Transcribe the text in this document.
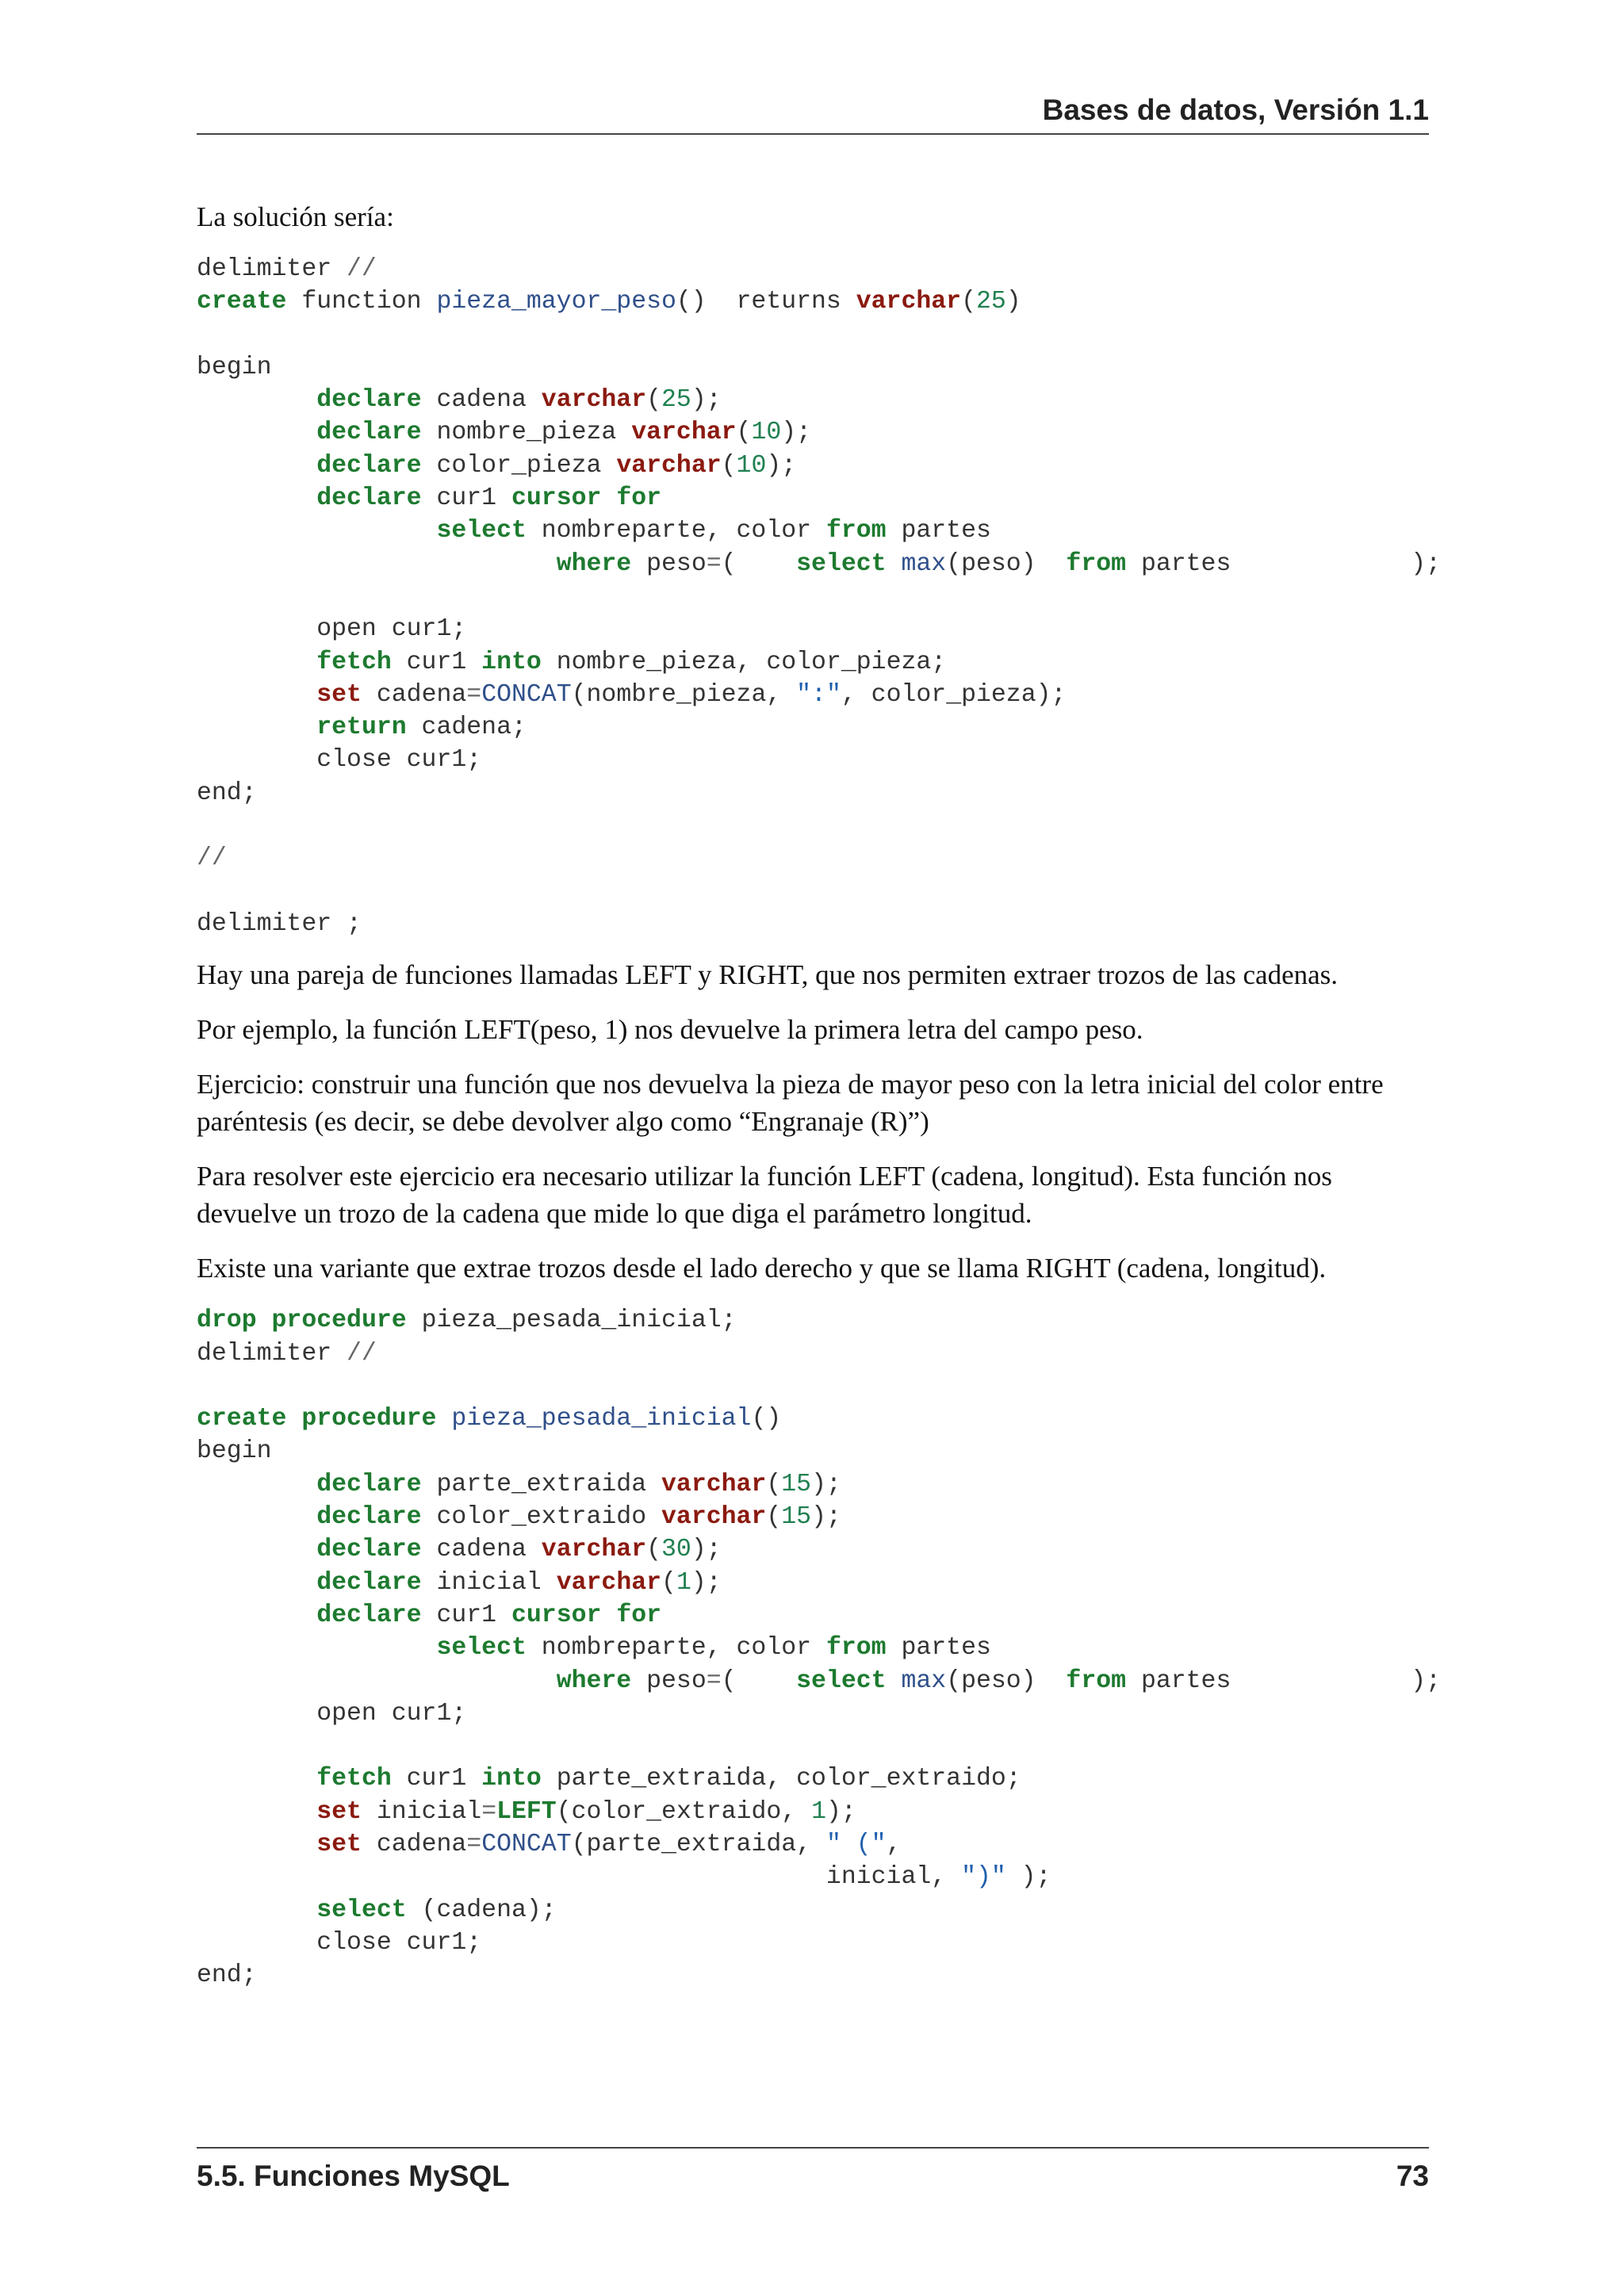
Bases de datos, Versión 1.1

La solución sería:

delimiter //
create function pieza_mayor_peso()  returns varchar(25)

begin
declare cadena varchar(25);
declare nombre_pieza varchar(10);
declare color_pieza varchar(10);
declare cur1 cursor for
select nombreparte, color from partes
where peso=(    select max(peso)  from partes            );

open cur1;
fetch cur1 into nombre_pieza, color_pieza;
set cadena=CONCAT(nombre_pieza, ":", color_pieza);
return cadena;
close cur1;
end;

//

delimiter ;

Hay una pareja de funciones llamadas LEFT y RIGHT, que nos permiten extraer trozos de las cadenas.

Por ejemplo, la función LEFT(peso, 1) nos devuelve la primera letra del campo peso.

Ejercicio: construir una función que nos devuelva la pieza de mayor peso con la letra inicial del color entre paréntesis (es decir, se debe devolver algo como “Engranaje (R)”)

Para resolver este ejercicio era necesario utilizar la función LEFT (cadena, longitud). Esta función nos devuelve un trozo de la cadena que mide lo que diga el parámetro longitud.

Existe una variante que extrae trozos desde el lado derecho y que se llama RIGHT (cadena, longitud).

drop procedure pieza_pesada_inicial;
delimiter //

create procedure pieza_pesada_inicial()
begin
declare parte_extraida varchar(15);
declare color_extraido varchar(15);
declare cadena varchar(30);
declare inicial varchar(1);
declare cur1 cursor for
select nombreparte, color from partes
where peso=(    select max(peso)  from partes            );
open cur1;

fetch cur1 into parte_extraida, color_extraido;
set inicial=LEFT(color_extraido, 1);
set cadena=CONCAT(parte_extraida, " (",
inicial, ")" );
select (cadena);
close cur1;
end;
5.5. Funciones MySQL	73
